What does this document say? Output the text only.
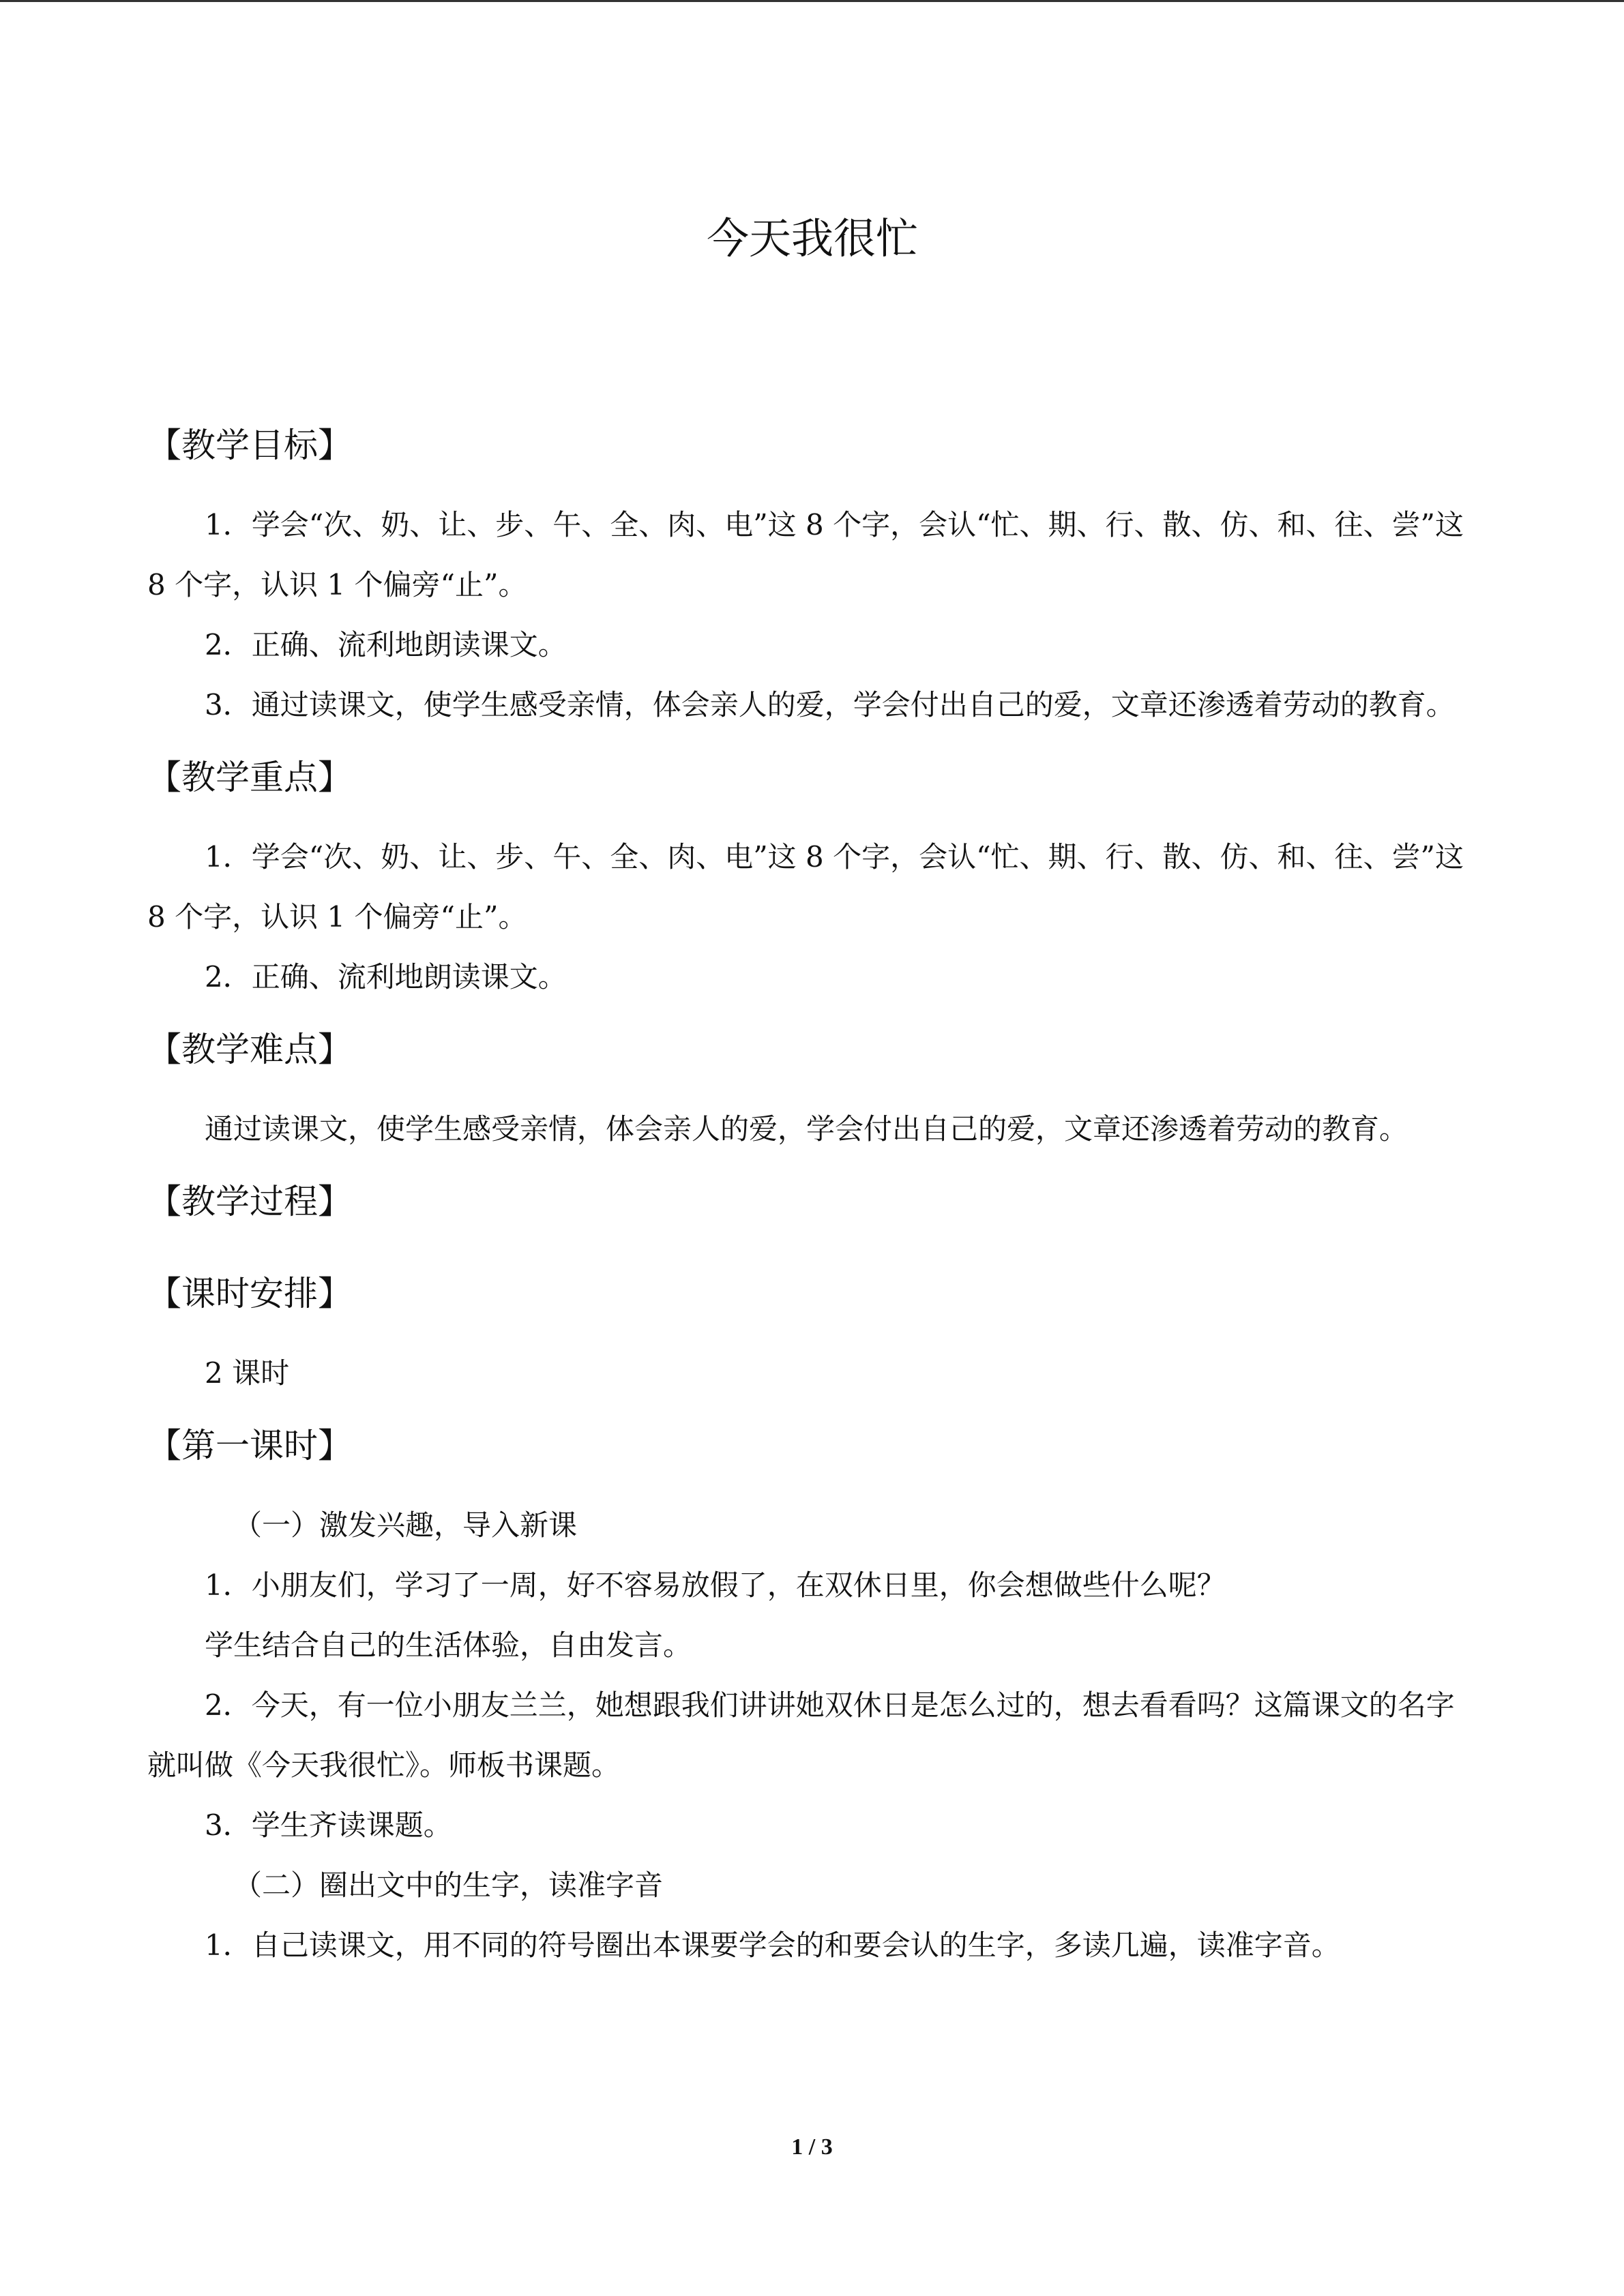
今天我很忙
【教学目标】

1．学会“次、奶、让、步、午、全、肉、电”这 8 个字，会认“忙、期、行、散、仿、和、往、尝”这 8 个字，认识 1 个偏旁“止”。

2．正确、流利地朗读课文。

3．通过读课文，使学生感受亲情，体会亲人的爱，学会付出自己的爱，文章还渗透着劳动的教育。

【教学重点】

1．学会“次、奶、让、步、午、全、肉、电”这 8 个字，会认“忙、期、行、散、仿、和、往、尝”这 8 个字，认识 1 个偏旁“止”。

2．正确、流利地朗读课文。

【教学难点】

通过读课文，使学生感受亲情，体会亲人的爱，学会付出自己的爱，文章还渗透着劳动的教育。

【教学过程】
【课时安排】

2 课时

【第一课时】

（一）激发兴趣，导入新课

1．小朋友们，学习了一周，好不容易放假了，在双休日里，你会想做些什么呢？

学生结合自己的生活体验，自由发言。

2．今天，有一位小朋友兰兰，她想跟我们讲讲她双休日是怎么过的，想去看看吗？这篇课文的名字就叫做《今天我很忙》。师板书课题。

3．学生齐读课题。

（二）圈出文中的生字，读准字音

1．自己读课文，用不同的符号圈出本课要学会的和要会认的生字，多读几遍，读准字音。

1 / 3
